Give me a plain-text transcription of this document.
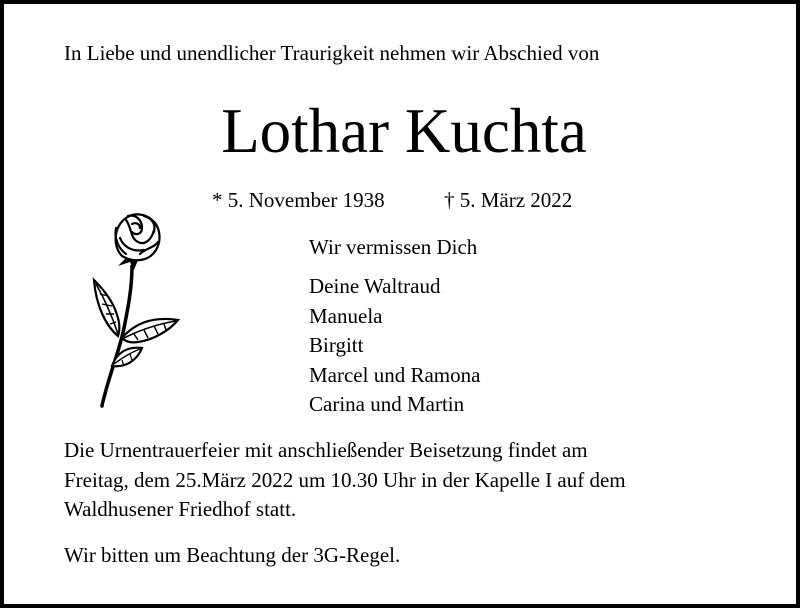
In Liebe und unendlicher Traurigkeit nehmen wir Abschied von
Lothar Kuchta
* 5. November 1938	† 5. März 2022
Wir vermissen Dich
Deine Waltraud
Manuela
Birgitt
Marcel und Ramona
Carina und Martin
Die Urnentrauerfeier mit anschließender Beisetzung findet am
Freitag, dem 25.März 2022 um 10.30 Uhr in der Kapelle I auf dem
Waldhusener Friedhof statt.
Wir bitten um Beachtung der 3G-Regel.
